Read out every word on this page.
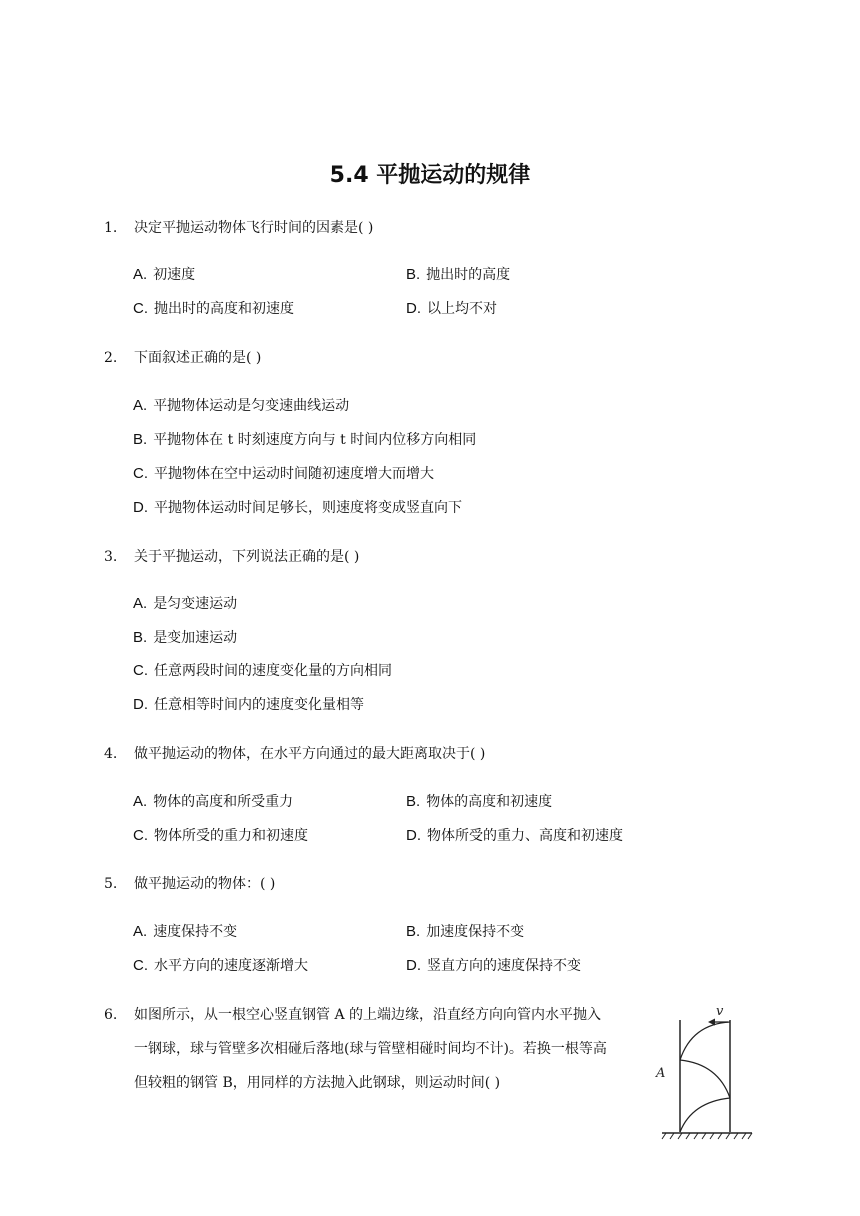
5.4 平抛运动的规律
1. 决定平抛运动物体飞行时间的因素是( )
A. 初速度	B. 抛出时的高度
C. 抛出时的高度和初速度	D. 以上均不对
2. 下面叙述正确的是( )
A. 平抛物体运动是匀变速曲线运动
B. 平抛物体在 t 时刻速度方向与 t 时间内位移方向相同
C. 平抛物体在空中运动时间随初速度增大而增大
D. 平抛物体运动时间足够长，则速度将变成竖直向下
3. 关于平抛运动，下列说法正确的是( )
A. 是匀变速运动
B. 是变加速运动
C. 任意两段时间的速度变化量的方向相同
D. 任意相等时间内的速度变化量相等
4. 做平抛运动的物体，在水平方向通过的最大距离取决于( )
A. 物体的高度和所受重力	B. 物体的高度和初速度
C. 物体所受的重力和初速度	D. 物体所受的重力、高度和初速度
5. 做平抛运动的物体：( )
A. 速度保持不变	B. 加速度保持不变
C. 水平方向的速度逐渐增大	D. 竖直方向的速度保持不变
6. 如图所示，从一根空心竖直钢管 A 的上端边缘，沿直经方向向管内水平抛入
一钢球，球与管壁多次相碰后落地(球与管壁相碰时间均不计)。若换一根等高
但较粗的钢管 B，用同样的方法抛入此钢球，则运动时间( )
v
A
